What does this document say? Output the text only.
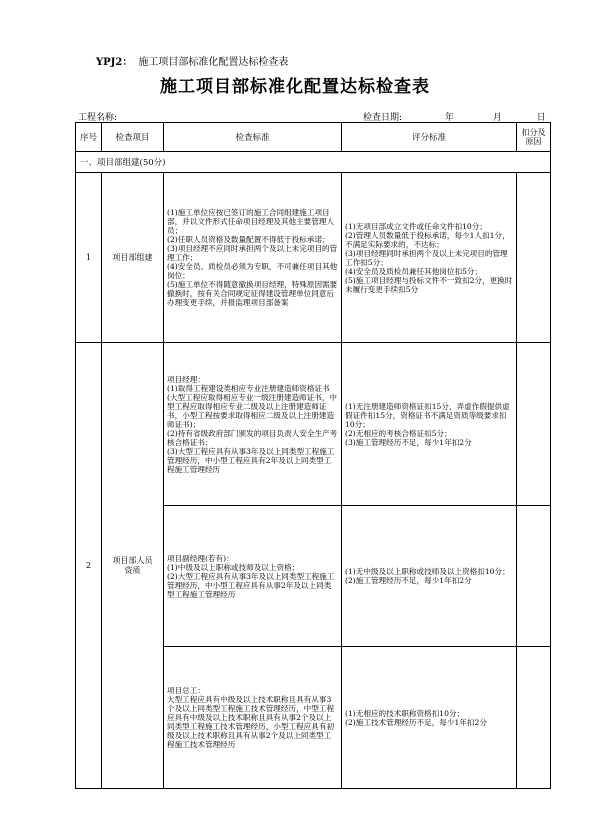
YPJ2： 施工项目部标准化配置达标检查表
施工项目部标准化配置达标检查表
工程名称:	检查日期:	年	月	日
序号	检查项目	检查标准	评分标准	扣分及
原因
一、项目部组建(50分)				
1	项目部组建	(1)施工单位应按已签订的施工合同组建施工项目部，并以文件形式任命项目经理及其他主要管理人员；
(2)任职人员资格及数量配置不得低于投标承诺；
(3)项目经理不应同时承担两个及以上未完项目的管理工作；
(4)安全员、质检员必须为专职，不可兼任项目其他岗位；
(5)施工单位不得随意撤换项目经理，特殊原因需要撤换时，按有关合同规定征得建设管理单位同意后办理变更手续，并报监理项目部备案	(1)无项目部成立文件或任命文件扣10分；
(2)管理人员数量低于投标承诺，每少1人扣1分，不满足实际要求的，不达标；
(3)项目经理同时承担两个及以上未完项目的管理工作扣5分；
(4)安全员及质检员兼任其他岗位扣5分；
(5)施工项目经理与投标文件不一致扣2分，更换时未履行变更手续扣5分	
2	项目部人员
资质	项目经理：
(1)取得工程建设类相应专业注册建造师资格证书(大型工程应取得相应专业一级注册建造师证书，中型工程应取得相应专业二级及以上注册建造师证书，小型工程按要求取得相应二级及以上注册建造师证书)；
(2)持有省级政府部门颁发的项目负责人安全生产考核合格证书；
(3)大型工程应具有从事3年及以上同类型工程施工管理经历，中小型工程应具有2年及以上同类型工程施工管理经历	(1)无注册建造师资格证扣15分，弄虚作假提供虚假证件扣15分，资格证书不满足资质等级要求扣10分；
(2)无相应的考核合格证扣5分；
(3)施工管理经历不足，每少1年扣2分	
		项目副经理(若有)：
(1)中级及以上职称或技师及以上资格；
(2)大型工程应具有从事3年及以上同类型工程施工管理经历，中小型工程应具有从事2年及以上同类型工程施工管理经历	(1)无中级及以上职称或技师及以上资格扣10分；
(2)施工管理经历不足，每少1年扣2分	
		项目总工：
大型工程应具有中级及以上技术职称且具有从事3个及以上同类型工程施工技术管理经历，中型工程应具有中级及以上技术职称且具有从事2个及以上同类型工程施工技术管理经历，小型工程应具有初级及以上技术职称且具有从事2个及以上同类型工程施工技术管理经历	(1)无相应的技术职称资格扣10分；
(2)施工技术管理经历不足，每少1年扣2分	
